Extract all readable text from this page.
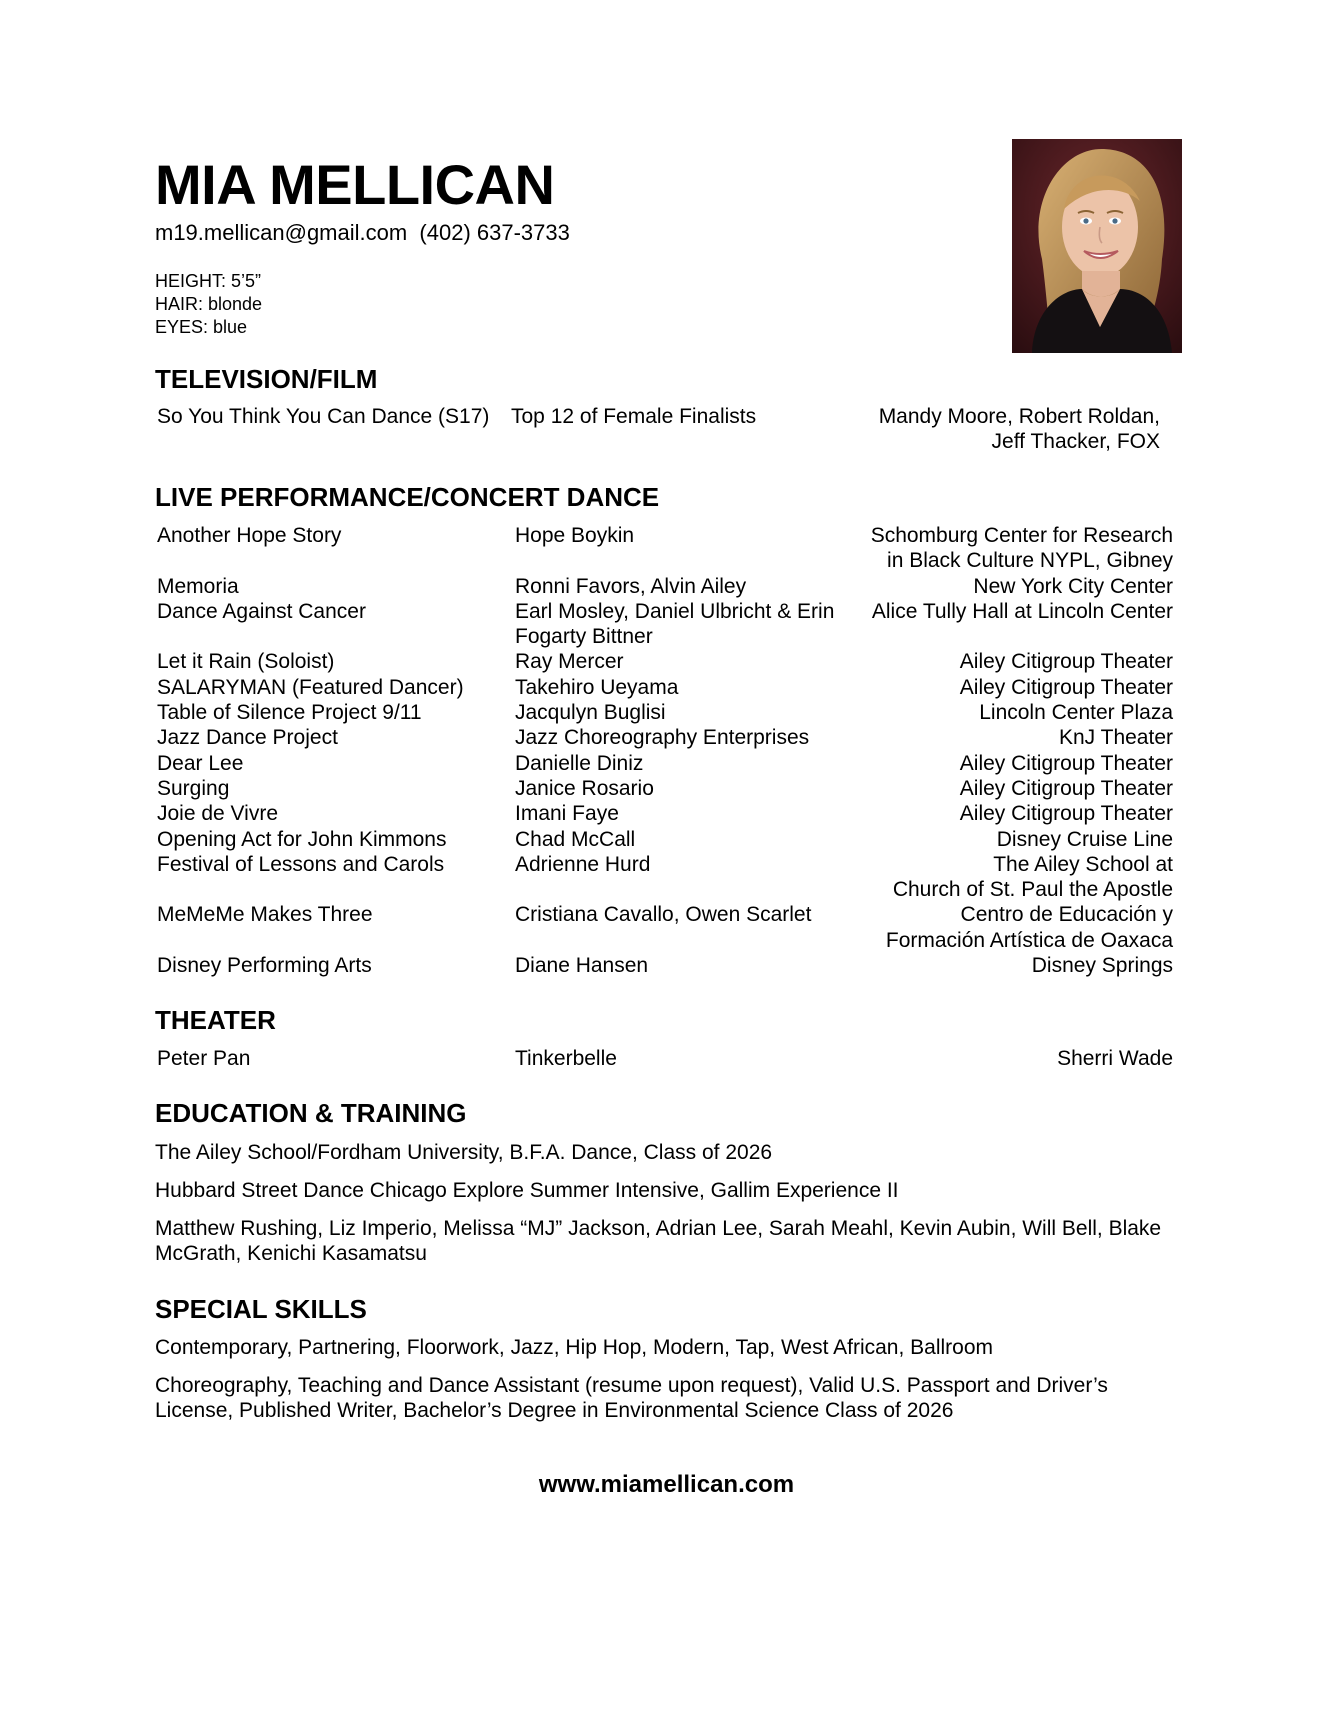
MIA MELLICAN
m19.mellican@gmail.com  (402) 637-3733
HEIGHT: 5’5”
HAIR: blonde
EYES: blue
TELEVISION/FILM
So You Think You Can Dance (S17)	Top 12 of Female Finalists	Mandy Moore, Robert Roldan,
Jeff Thacker, FOX
LIVE PERFORMANCE/CONCERT DANCE
Another Hope Story	Hope Boykin	Schomburg Center for Research
in Black Culture NYPL, Gibney
Memoria	Ronni Favors, Alvin Ailey	New York City Center
Dance Against Cancer	Earl Mosley, Daniel Ulbricht & Erin Fogarty Bittner
Alice Tully Hall at Lincoln Center
Let it Rain (Soloist)	Ray Mercer	Ailey Citigroup Theater
SALARYMAN (Featured Dancer)	Takehiro Ueyama	Ailey Citigroup Theater
Table of Silence Project 9/11	Jacqulyn Buglisi	Lincoln Center Plaza
Jazz Dance Project	Jazz Choreography Enterprises	KnJ Theater
Dear Lee	Danielle Diniz	Ailey Citigroup Theater
Surging	Janice Rosario	Ailey Citigroup Theater
Joie de Vivre	Imani Faye	Ailey Citigroup Theater
Opening Act for John Kimmons	Chad McCall	Disney Cruise Line
Festival of Lessons and Carols	Adrienne Hurd	The Ailey School at
Church of St. Paul the Apostle
MeMeMe Makes Three	Cristiana Cavallo, Owen Scarlet	Centro de Educación y
Formación Artística de Oaxaca
Disney Performing Arts	Diane Hansen	Disney Springs
THEATER
Peter Pan	Tinkerbelle	Sherri Wade
EDUCATION & TRAINING
The Ailey School/Fordham University, B.F.A. Dance, Class of 2026
Hubbard Street Dance Chicago Explore Summer Intensive, Gallim Experience II
Matthew Rushing, Liz Imperio, Melissa “MJ” Jackson, Adrian Lee, Sarah Meahl, Kevin Aubin, Will Bell, Blake McGrath, Kenichi Kasamatsu
SPECIAL SKILLS
Contemporary, Partnering, Floorwork, Jazz, Hip Hop, Modern, Tap, West African, Ballroom
Choreography, Teaching and Dance Assistant (resume upon request), Valid U.S. Passport and Driver’s License, Published Writer, Bachelor’s Degree in Environmental Science Class of 2026
www.miamellican.com
